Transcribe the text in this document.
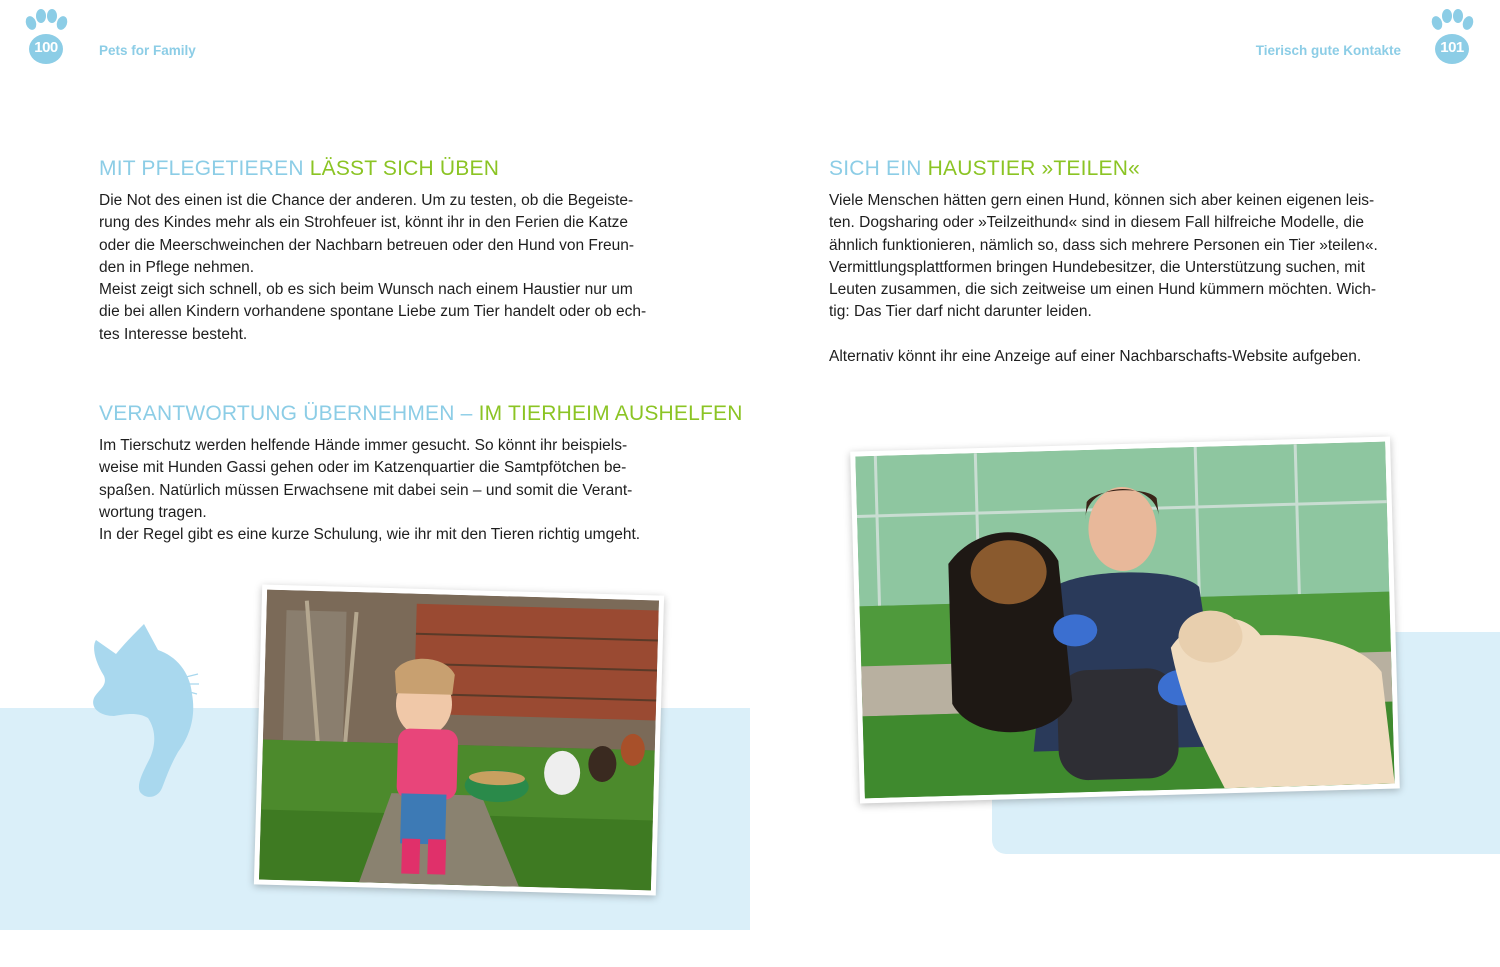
100	Pets for Family	101
Tierisch gute Kontakte
MIT PFLEGETIEREN LÄSST SICH ÜBEN

Die Not des einen ist die Chance der anderen. Um zu testen, ob die Begeiste-

rung des Kindes mehr als ein Strohfeuer ist, könnt ihr in den Ferien die Katze

oder die Meerschweinchen der Nachbarn betreuen oder den Hund von Freun-

den in Pflege nehmen.

Meist zeigt sich schnell, ob es sich beim Wunsch nach einem Haustier nur um

die bei allen Kindern vorhandene spontane Liebe zum Tier handelt oder ob ech-

tes Interesse besteht.

VERANTWORTUNG ÜBERNEHMEN – IM TIERHEIM AUSHELFEN

Im Tierschutz werden helfende Hände immer gesucht. So könnt ihr beispiels-

weise mit Hunden Gassi gehen oder im Katzenquartier die Samtpfötchen be-

spaßen. Natürlich müssen Erwachsene mit dabei sein – und somit die Verant-

wortung tragen.

In der Regel gibt es eine kurze Schulung, wie ihr mit den Tieren richtig umgeht.

SICH EIN HAUSTIER »TEILEN«

Viele Menschen hätten gern einen Hund, können sich aber keinen eigenen leis-

ten. Dogsharing oder »Teilzeithund« sind in diesem Fall hilfreiche Modelle, die

ähnlich funktionieren, nämlich so, dass sich mehrere Personen ein Tier »teilen«.

Vermittlungsplattformen bringen Hundebesitzer, die Unterstützung suchen, mit

Leuten zusammen, die sich zeitweise um einen Hund kümmern möchten. Wich-

tig: Das Tier darf nicht darunter leiden.

Alternativ könnt ihr eine Anzeige auf einer Nachbarschafts-Website aufgeben.
